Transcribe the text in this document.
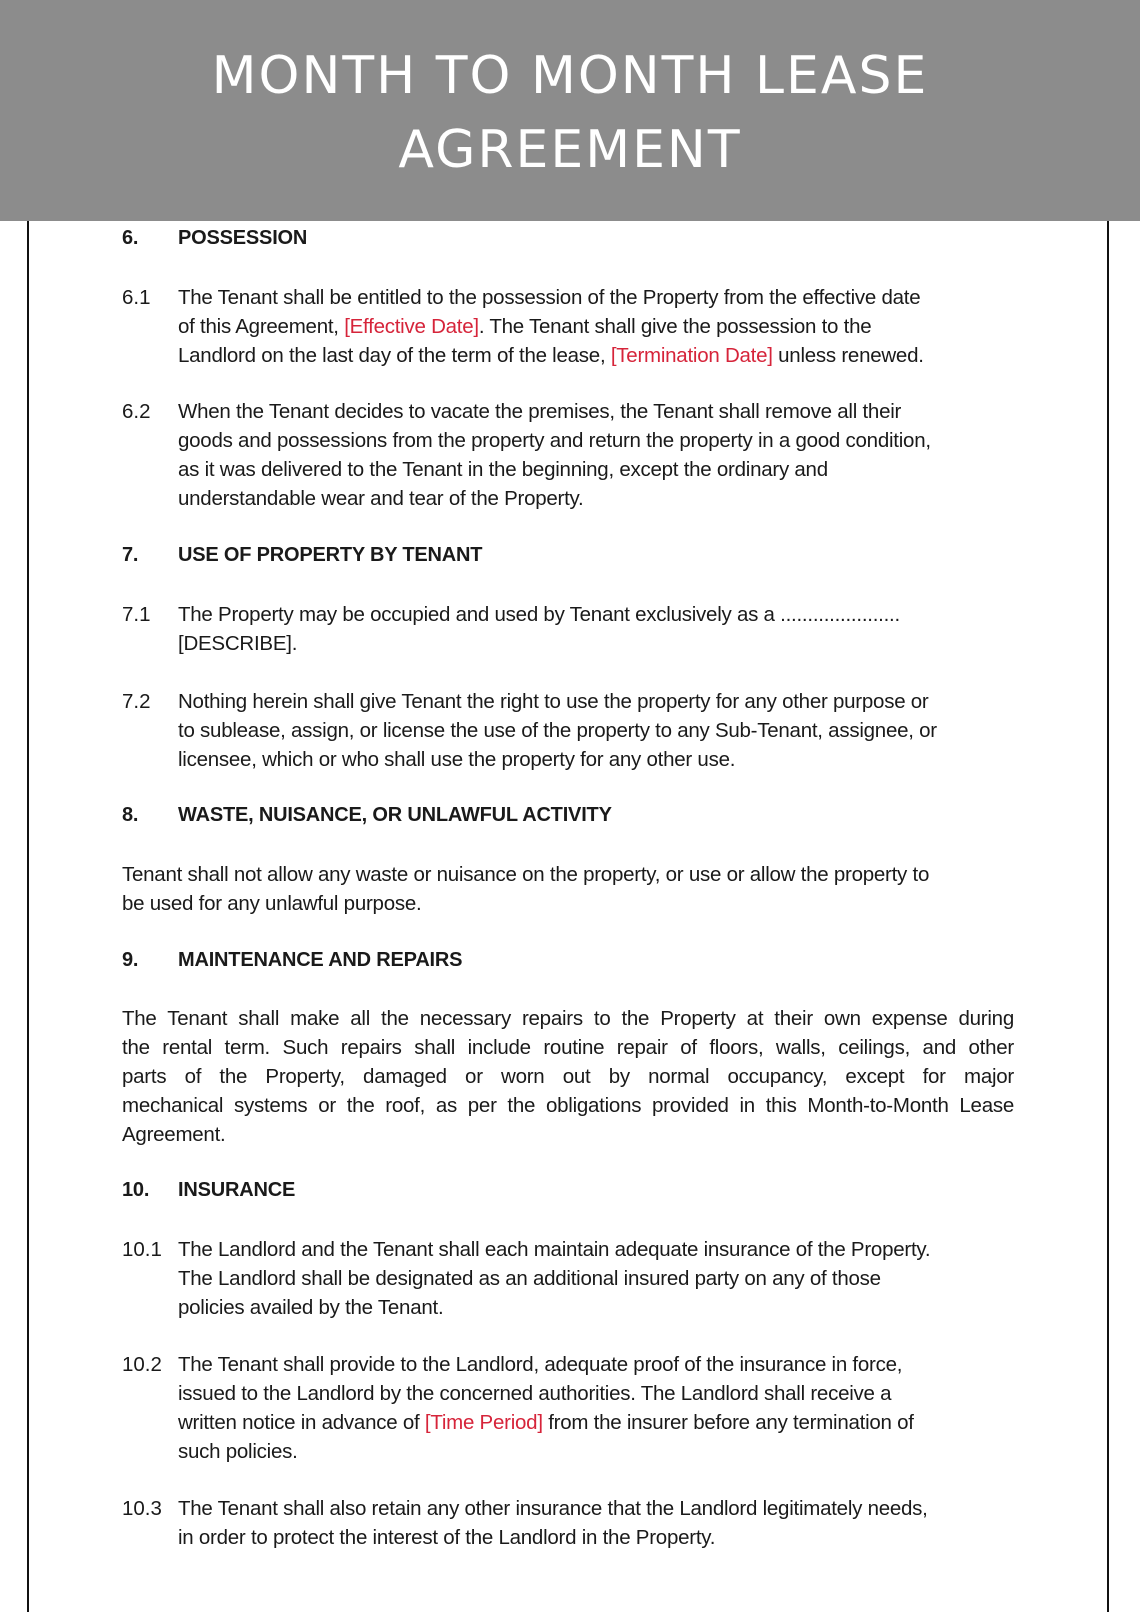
MONTH TO MONTH LEASE
AGREEMENT
6. POSSESSION
6.1 The Tenant shall be entitled to the possession of the Property from the effective date
of this Agreement, [Effective Date]. The Tenant shall give the possession to the
Landlord on the last day of the term of the lease, [Termination Date] unless renewed.
6.2 When the Tenant decides to vacate the premises, the Tenant shall remove all their
goods and possessions from the property and return the property in a good condition,
as it was delivered to the Tenant in the beginning, except the ordinary and
understandable wear and tear of the Property.
7. USE OF PROPERTY BY TENANT
7.1 The Property may be occupied and used by Tenant exclusively as a ......................
[DESCRIBE].
7.2 Nothing herein shall give Tenant the right to use the property for any other purpose or
to sublease, assign, or license the use of the property to any Sub-Tenant, assignee, or
licensee, which or who shall use the property for any other use.
8. WASTE, NUISANCE, OR UNLAWFUL ACTIVITY
Tenant shall not allow any waste or nuisance on the property, or use or allow the property to
be used for any unlawful purpose.
9. MAINTENANCE AND REPAIRS
The Tenant shall make all the necessary repairs to the Property at their own expense during
the rental term. Such repairs shall include routine repair of floors, walls, ceilings, and other
parts of the Property, damaged or worn out by normal occupancy, except for major
mechanical systems or the roof, as per the obligations provided in this Month-to-Month Lease
Agreement.
10. INSURANCE
10.1 The Landlord and the Tenant shall each maintain adequate insurance of the Property.
The Landlord shall be designated as an additional insured party on any of those
policies availed by the Tenant.
10.2 The Tenant shall provide to the Landlord, adequate proof of the insurance in force,
issued to the Landlord by the concerned authorities. The Landlord shall receive a
written notice in advance of [Time Period] from the insurer before any termination of
such policies.
10.3 The Tenant shall also retain any other insurance that the Landlord legitimately needs,
in order to protect the interest of the Landlord in the Property.
